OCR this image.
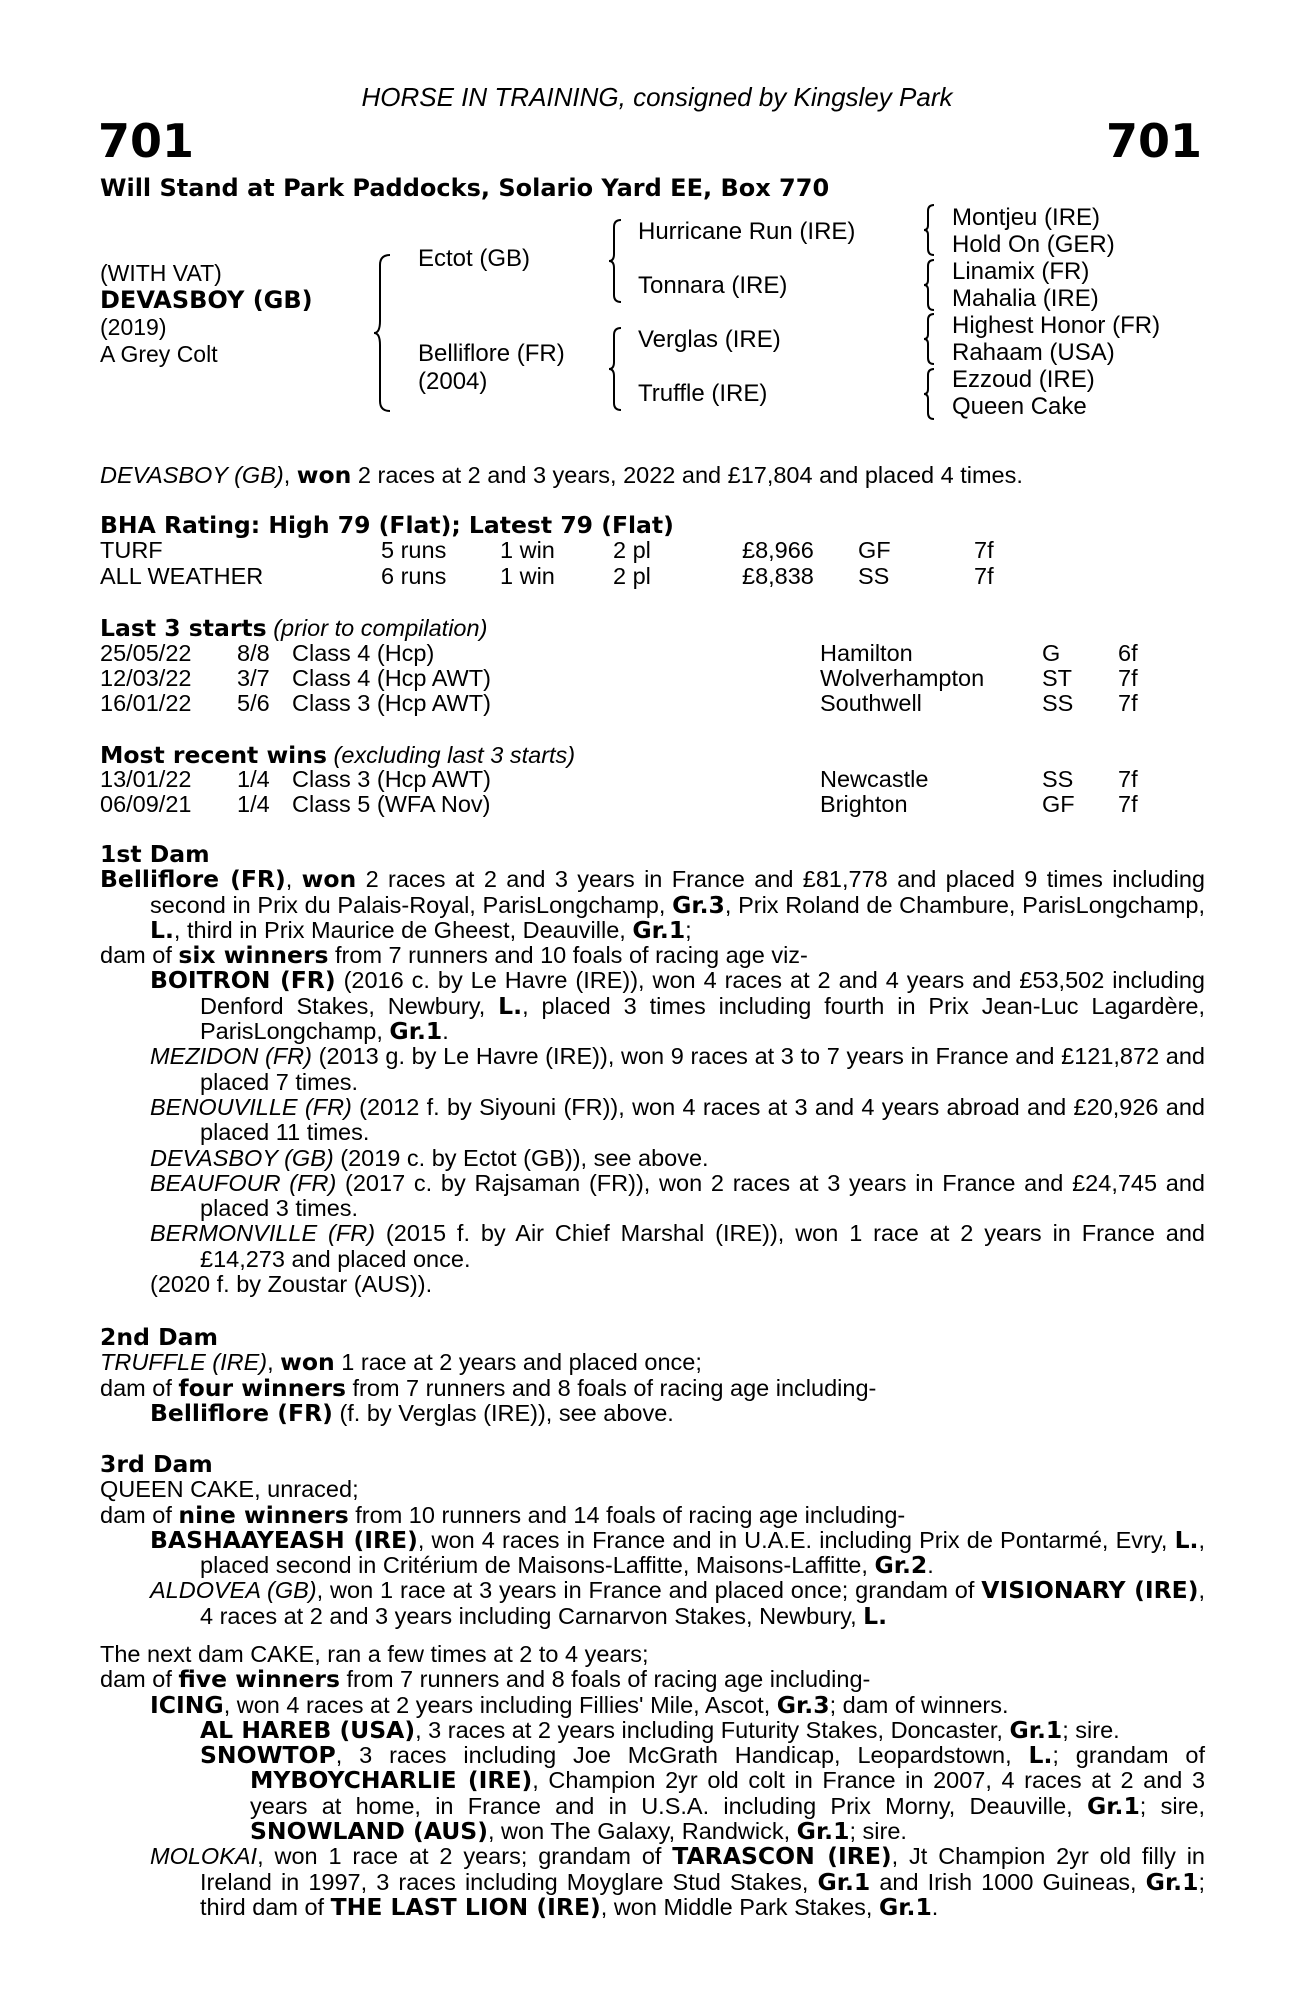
HORSE IN TRAINING, consigned by Kingsley Park
701	701
Will Stand at Park Paddocks, Solario Yard EE, Box 770
(WITH VAT)
DEVASBOY (GB)
(2019)
A Grey Colt
Ectot (GB)
Belliflore (FR)
(2004)
Hurricane Run (IRE)
Tonnara (IRE)
Verglas (IRE)
Truffle (IRE)
Montjeu (IRE)
Hold On (GER)
Linamix (FR)
Mahalia (IRE)
Highest Honor (FR)
Rahaam (USA)
Ezzoud (IRE)
Queen Cake
DEVASBOY (GB), won 2 races at 2 and 3 years, 2022 and £17,804 and placed 4 times.
BHA Rating: High 79 (Flat); Latest 79 (Flat)
TURF	5 runs 1 win 2 pl	£8,966 GF	7f
ALL WEATHER	6 runs 1 win 2 pl	£8,838 SS	7f
Last 3 starts (prior to compilation)
25/05/22 8/8 Class 4 (Hcp)	Hamilton	G 6f
12/03/22 3/7 Class 4 (Hcp AWT)	Wolverhampton ST 7f
16/01/22 5/6 Class 3 (Hcp AWT)	Southwell	SS 7f
Most recent wins (excluding last 3 starts)
13/01/22 1/4 Class 3 (Hcp AWT)	Newcastle	SS 7f
06/09/21 1/4 Class 5 (WFA Nov)	Brighton	GF 7f

1st Dam

Belliflore (FR), won 2 races at 2 and 3 years in France and £81,778 and placed 9 times including second in Prix du Palais-Royal, ParisLongchamp, Gr.3, Prix Roland de Chambure, ParisLongchamp, L., third in Prix Maurice de Gheest, Deauville, Gr.1;

dam of six winners from 7 runners and 10 foals of racing age viz-

BOITRON (FR) (2016 c. by Le Havre (IRE)), won 4 races at 2 and 4 years and £53,502 including Denford Stakes, Newbury, L., placed 3 times including fourth in Prix Jean-Luc Lagardère, ParisLongchamp, Gr.1.

MEZIDON (FR) (2013 g. by Le Havre (IRE)), won 9 races at 3 to 7 years in France and £121,872 and placed 7 times.

BENOUVILLE (FR) (2012 f. by Siyouni (FR)), won 4 races at 3 and 4 years abroad and £20,926 and placed 11 times.

DEVASBOY (GB) (2019 c. by Ectot (GB)), see above.

BEAUFOUR (FR) (2017 c. by Rajsaman (FR)), won 2 races at 3 years in France and £24,745 and placed 3 times.

BERMONVILLE (FR) (2015 f. by Air Chief Marshal (IRE)), won 1 race at 2 years in France and £14,273 and placed once.

(2020 f. by Zoustar (AUS)).

2nd Dam

TRUFFLE (IRE), won 1 race at 2 years and placed once;

dam of four winners from 7 runners and 8 foals of racing age including-

Belliflore (FR) (f. by Verglas (IRE)), see above.

3rd Dam

QUEEN CAKE, unraced;

dam of nine winners from 10 runners and 14 foals of racing age including-

BASHAAYEASH (IRE), won 4 races in France and in U.A.E. including Prix de Pontarmé, Evry, L., placed second in Critérium de Maisons-Laffitte, Maisons-Laffitte, Gr.2.

ALDOVEA (GB), won 1 race at 3 years in France and placed once; grandam of VISIONARY (IRE), 4 races at 2 and 3 years including Carnarvon Stakes, Newbury, L.

The next dam CAKE, ran a few times at 2 to 4 years;

dam of five winners from 7 runners and 8 foals of racing age including-

ICING, won 4 races at 2 years including Fillies' Mile, Ascot, Gr.3; dam of winners.

AL HAREB (USA), 3 races at 2 years including Futurity Stakes, Doncaster, Gr.1; sire.

SNOWTOP, 3 races including Joe McGrath Handicap, Leopardstown, L.; grandam of MYBOYCHARLIE (IRE), Champion 2yr old colt in France in 2007, 4 races at 2 and 3 years at home, in France and in U.S.A. including Prix Morny, Deauville, Gr.1; sire, SNOWLAND (AUS), won The Galaxy, Randwick, Gr.1; sire.

MOLOKAI, won 1 race at 2 years; grandam of TARASCON (IRE), Jt Champion 2yr old filly in Ireland in 1997, 3 races including Moyglare Stud Stakes, Gr.1 and Irish 1000 Guineas, Gr.1; third dam of THE LAST LION (IRE), won Middle Park Stakes, Gr.1.
